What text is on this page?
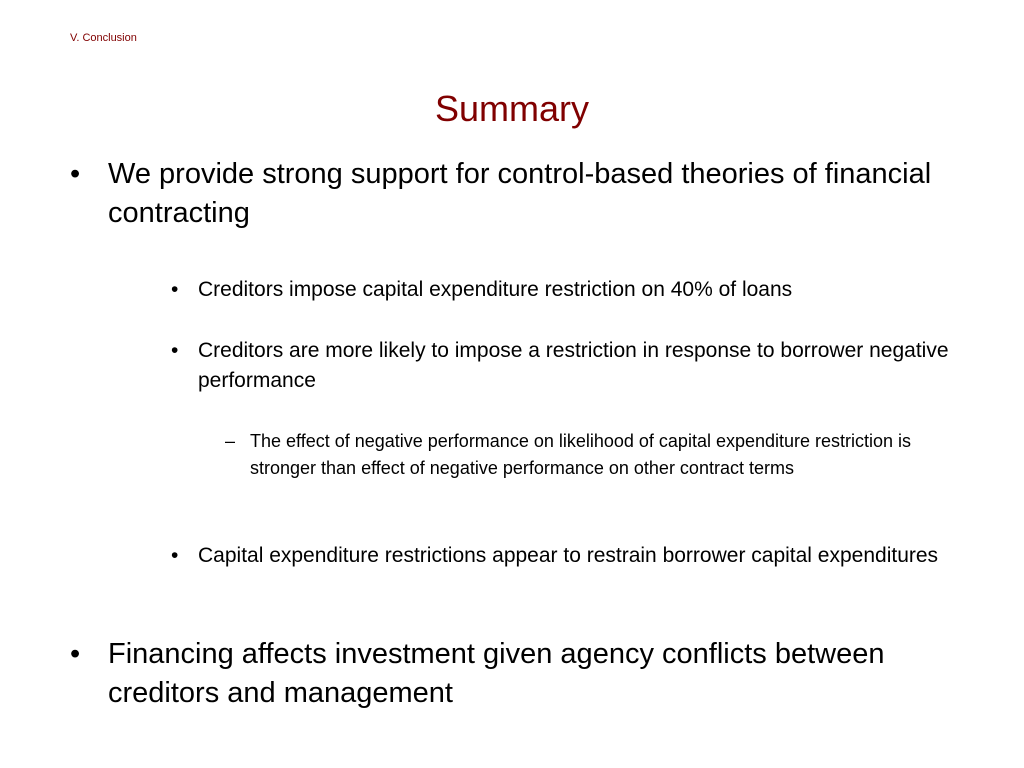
V. Conclusion
Summary
• We provide strong support for control-based theories of financial contracting
• Creditors impose capital expenditure restriction on 40% of loans
• Creditors are more likely to impose a restriction in response to borrower negative performance
– The effect of negative performance on likelihood of capital expenditure restriction is stronger than effect of negative performance on other contract terms
• Capital expenditure restrictions appear to restrain borrower capital expenditures
• Financing affects investment given agency conflicts between creditors and management
